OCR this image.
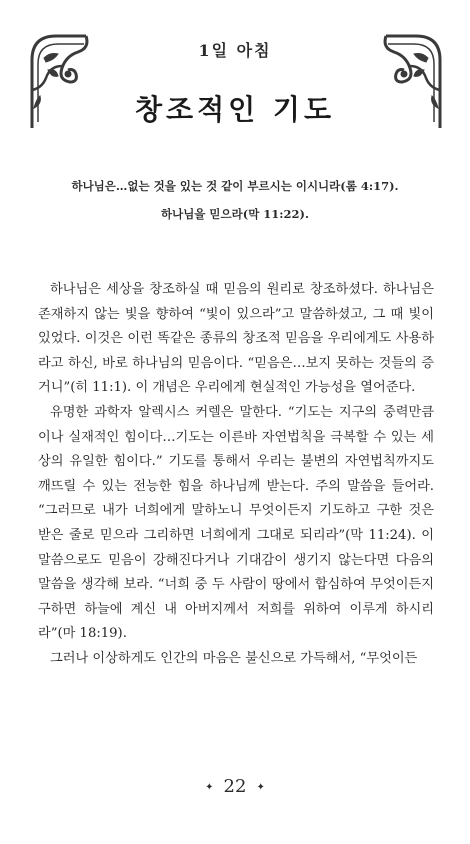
1일 아침
창조적인 기도
하나님은…없는 것을 있는 것 같이 부르시는 이시니라(롬 4:17).
하나님을 믿으라(막 11:22).

하나님은 세상을 창조하실 때 믿음의 원리로 창조하셨다. 하나님은 존재하지 않는 빛을 향하여 “빛이 있으라”고 말씀하셨고, 그 때 빛이 있었다. 이것은 이런 똑같은 종류의 창조적 믿음을 우리에게도 사용하라고 하신, 바로 하나님의 믿음이다. “믿음은…보지 못하는 것들의 증거니”(히 11:1). 이 개념은 우리에게 현실적인 가능성을 열어준다.

유명한 과학자 알렉시스 커렐은 말한다. “기도는 지구의 중력만큼이나 실재적인 힘이다…기도는 이른바 자연법칙을 극복할 수 있는 세상의 유일한 힘이다.” 기도를 통해서 우리는 불변의 자연법칙까지도 깨뜨릴 수 있는 전능한 힘을 하나님께 받는다. 주의 말씀을 들어라. “그러므로 내가 너희에게 말하노니 무엇이든지 기도하고 구한 것은 받은 줄로 믿으라 그리하면 너희에게 그대로 되리라”(막 11:24). 이 말씀으로도 믿음이 강해진다거나 기대감이 생기지 않는다면 다음의 말씀을 생각해 보라. “너희 중 두 사람이 땅에서 합심하여 무엇이든지 구하면 하늘에 계신 내 아버지께서 저희를 위하여 이루게 하시리라”(마 18:19).

그러나 이상하게도 인간의 마음은 불신으로 가득해서, “무엇이든

✦ 22 ✦
